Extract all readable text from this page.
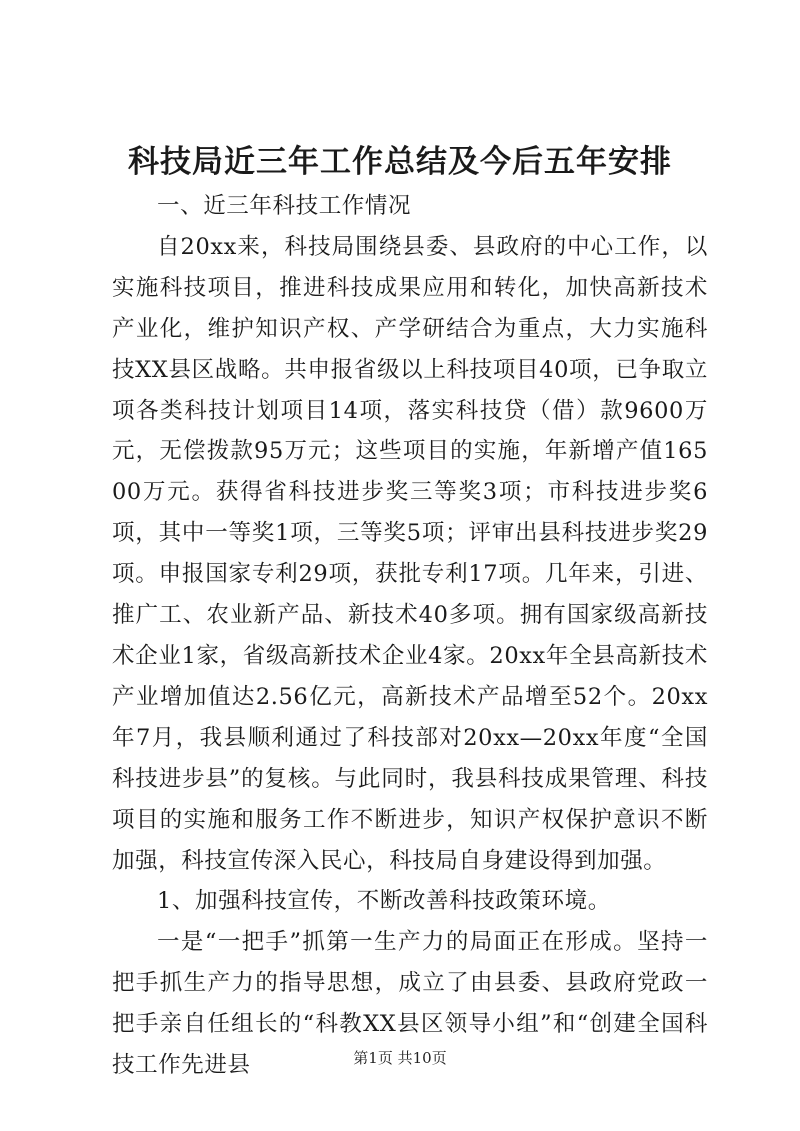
科技局近三年工作总结及今后五年安排

一、近三年科技工作情况

自20xx来，科技局围绕县委、县政府的中心工作，以实施科技项目，推进科技成果应用和转化，加快高新技术产业化，维护知识产权、产学研结合为重点，大力实施科技XX县区战略。共申报省级以上科技项目40项，已争取立项各类科技计划项目14项，落实科技贷（借）款9600万元，无偿拨款95万元；这些项目的实施，年新增产值16500万元。获得省科技进步奖三等奖3项；市科技进步奖6项，其中一等奖1项，三等奖5项；评审出县科技进步奖29项。申报国家专利29项，获批专利17项。几年来，引进、推广工、农业新产品、新技术40多项。拥有国家级高新技术企业1家，省级高新技术企业4家。20xx年全县高新技术产业增加值达2.56亿元，高新技术产品增至52个。20xx年7月，我县顺利通过了科技部对20xx—20xx年度“全国科技进步县”的复核。与此同时，我县科技成果管理、科技项目的实施和服务工作不断进步，知识产权保护意识不断加强，科技宣传深入民心，科技局自身建设得到加强。

1、加强科技宣传，不断改善科技政策环境。

一是“一把手”抓第一生产力的局面正在形成。坚持一把手抓生产力的指导思想，成立了由县委、县政府党政一把手亲自任组长的“科教XX县区领导小组”和“创建全国科技工作先进县	第1页 共10页
